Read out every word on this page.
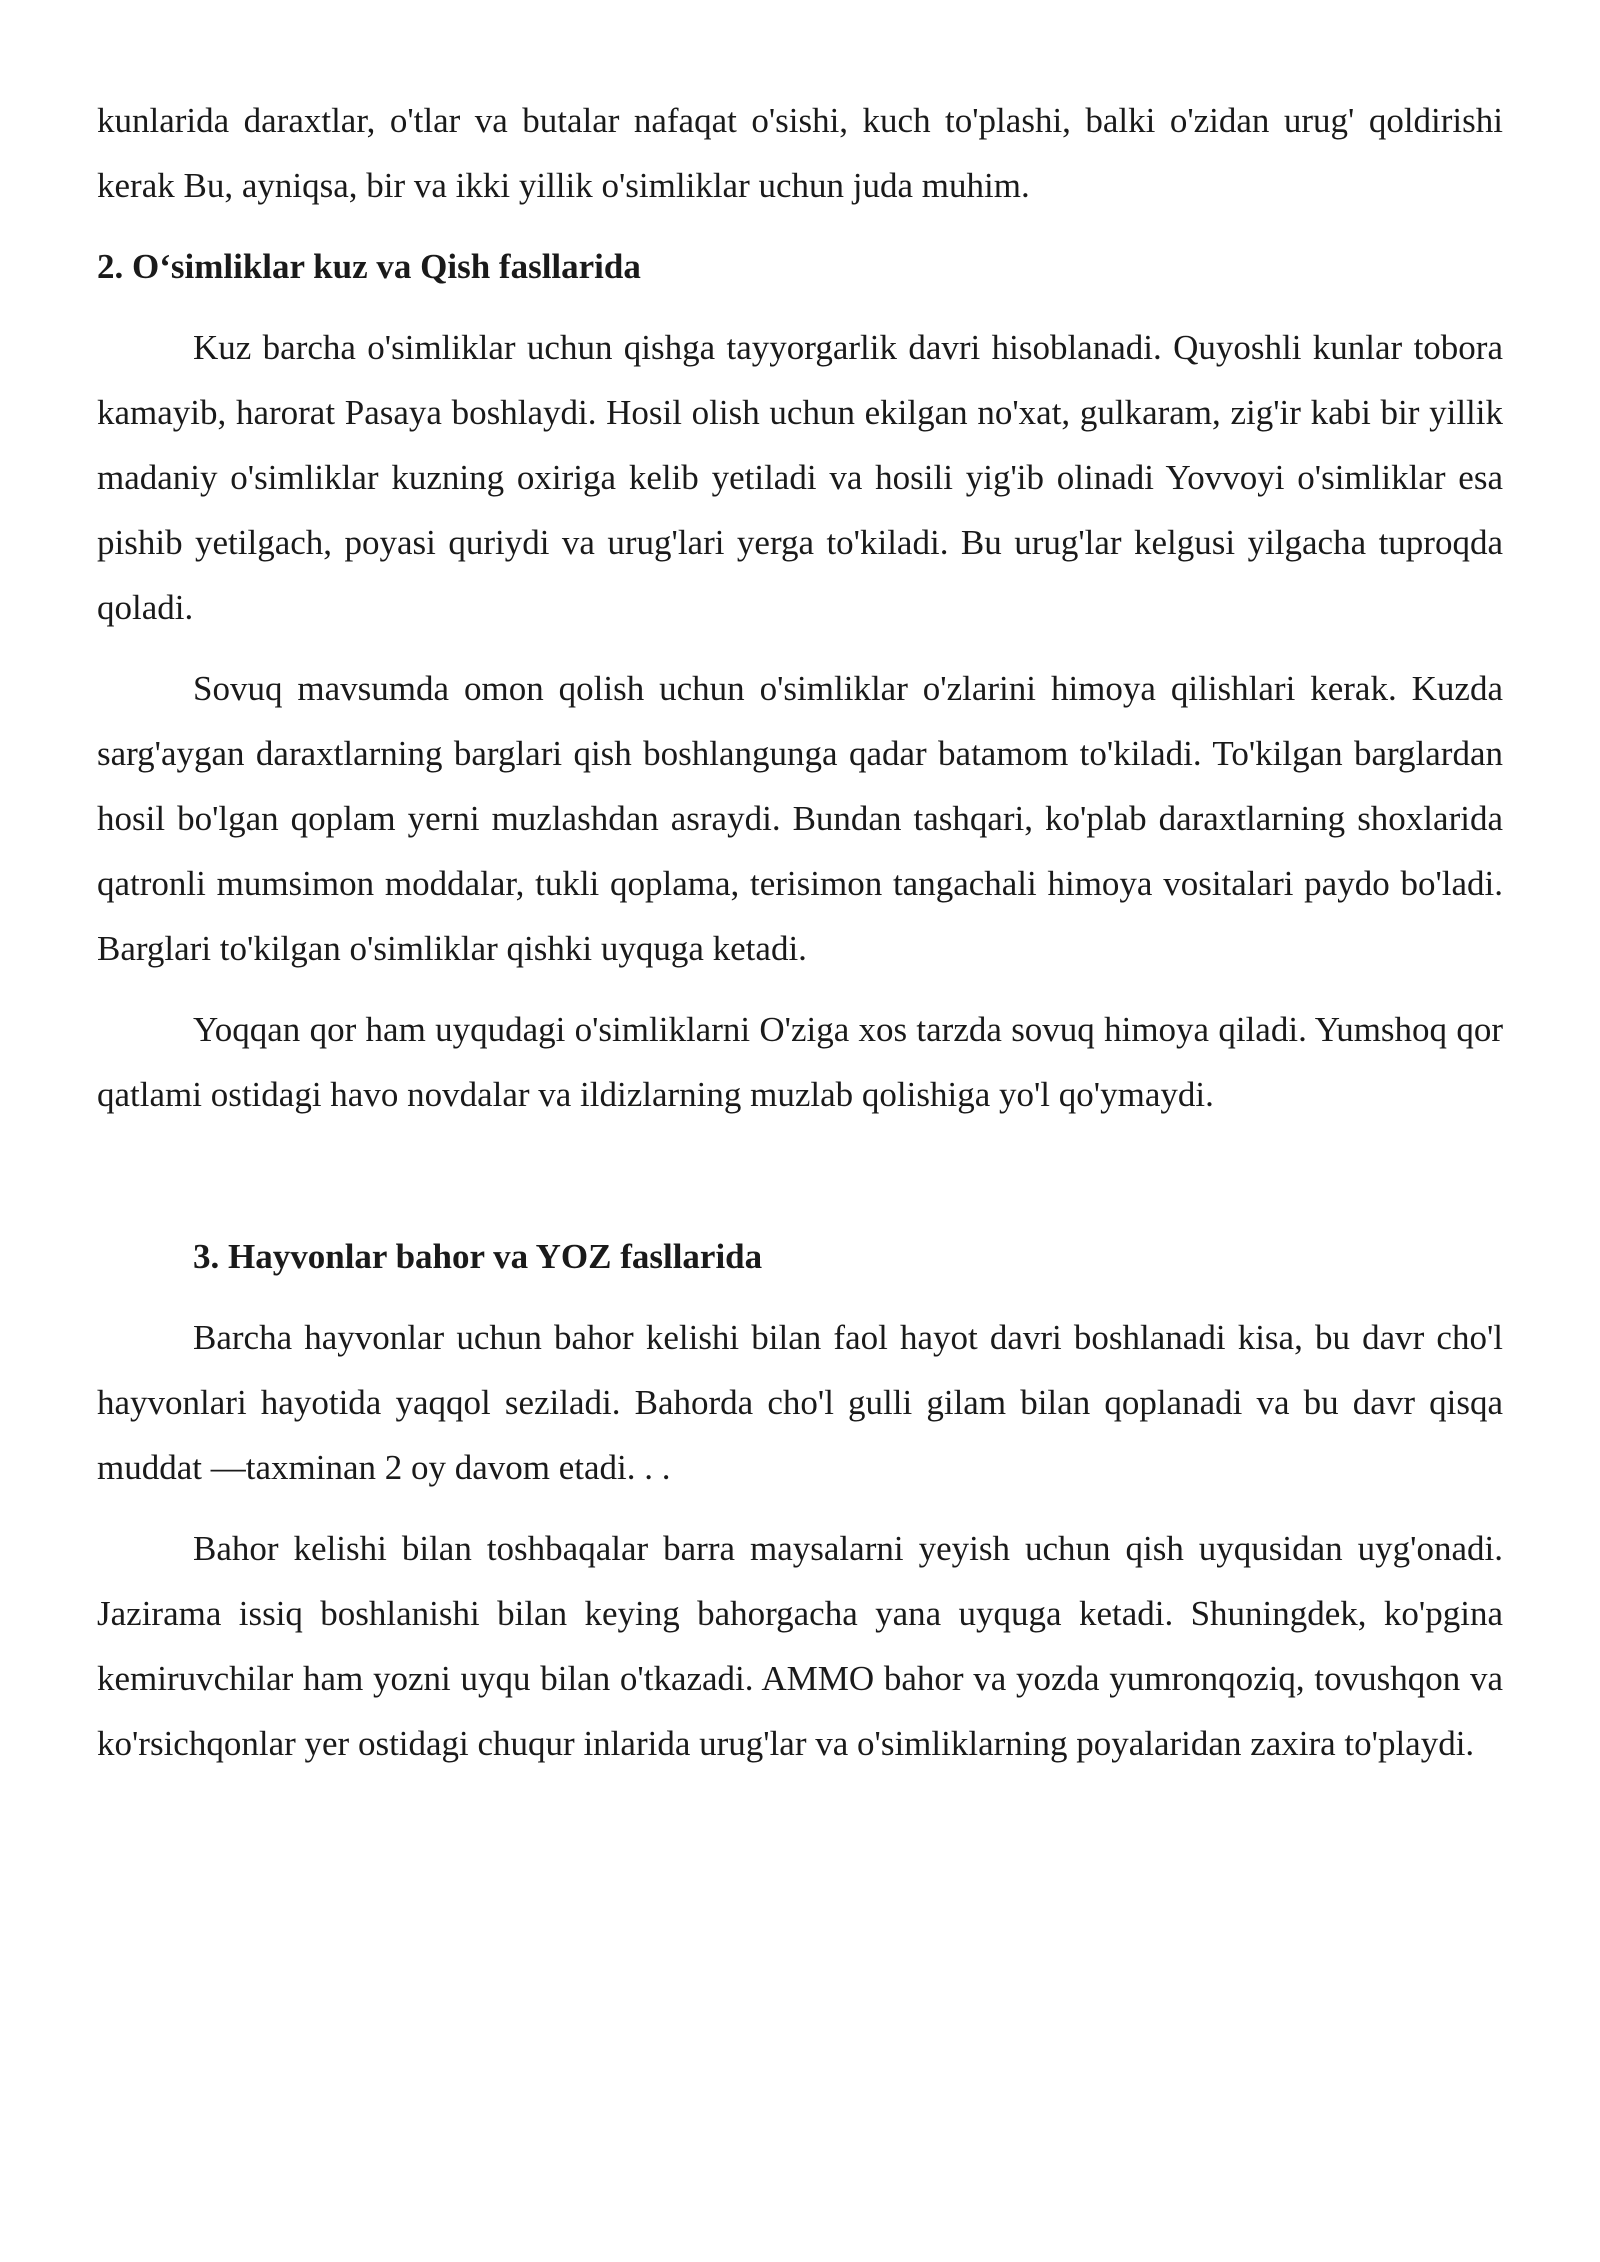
kunlarida daraxtlar, o'tlar va butalar nafaqat o'sishi, kuch to'plashi, balki o'zidan urug' qoldirishi kerak Bu, ayniqsa, bir va ikki yillik o'simliklar uchun juda muhim.

2. O‘simliklar kuz va Qish fasllarida

Kuz barcha o'simliklar uchun qishga tayyorgarlik davri hisoblanadi. Quyoshli kunlar tobora kamayib, harorat Pasaya boshlaydi. Hosil olish uchun ekilgan no'xat, gulkaram, zig'ir kabi bir yillik madaniy o'simliklar kuzning oxiriga kelib yetiladi va hosili yig'ib olinadi Yovvoyi o'simliklar esa pishib yetilgach, poyasi quriydi va urug'lari yerga to'kiladi. Bu urug'lar kelgusi yilgacha tuproqda qoladi.

Sovuq mavsumda omon qolish uchun o'simliklar o'zlarini himoya qilishlari kerak. Kuzda sarg'aygan daraxtlarning barglari qish boshlangunga qadar batamom to'kiladi. To'kilgan barglardan hosil bo'lgan qoplam yerni muzlashdan asraydi. Bundan tashqari, ko'plab daraxtlarning shoxlarida qatronli mumsimon moddalar, tukli qoplama, terisimon tangachali himoya vositalari paydo bo'ladi. Barglari to'kilgan o'simliklar qishki uyquga ketadi.

Yoqqan qor ham uyqudagi o'simliklarni O'ziga xos tarzda sovuq himoya qiladi. Yumshoq qor qatlami ostidagi havo novdalar va ildizlarning muzlab qolishiga yo'l qo'ymaydi.

3. Hayvonlar bahor va YOZ fasllarida

Barcha hayvonlar uchun bahor kelishi bilan faol hayot davri boshlanadi kisa, bu davr cho'l hayvonlari hayotida yaqqol seziladi. Bahorda cho'l gulli gilam bilan qoplanadi va bu davr qisqa muddat —taxminan 2 oy davom etadi. . .

Bahor kelishi bilan toshbaqalar barra maysalarni yeyish uchun qish uyqusidan uyg'onadi. Jazirama issiq boshlanishi bilan keying bahorgacha yana uyquga ketadi. Shuningdek, ko'pgina kemiruvchilar ham yozni uyqu bilan o'tkazadi. AMMO bahor va yozda yumronqoziq, tovushqon va ko'rsichqonlar yer ostidagi chuqur inlarida urug'lar va o'simliklarning poyalaridan zaxira to'playdi.
